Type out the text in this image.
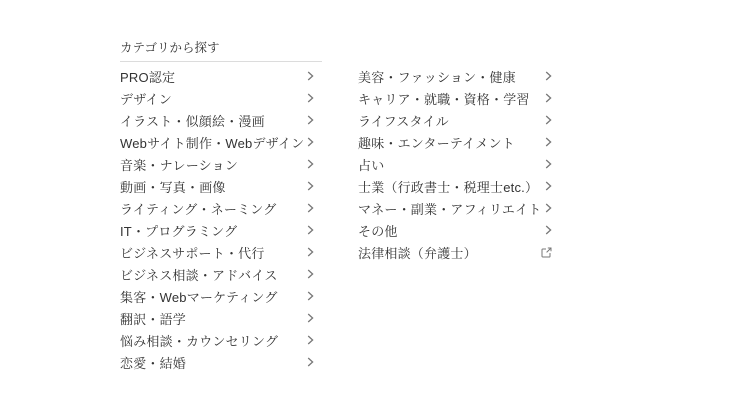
カテゴリから探す
PRO認定
デザイン
イラスト・似顔絵・漫画
Webサイト制作・Webデザイン
音楽・ナレーション
動画・写真・画像
ライティング・ネーミング
IT・プログラミング
ビジネスサポート・代行
ビジネス相談・アドバイス
集客・Webマーケティング
翻訳・語学
悩み相談・カウンセリング
恋愛・結婚
美容・ファッション・健康
キャリア・就職・資格・学習
ライフスタイル
趣味・エンターテイメント
占い
士業（行政書士・税理士etc.）
マネー・副業・アフィリエイト
その他
法律相談（弁護士）
